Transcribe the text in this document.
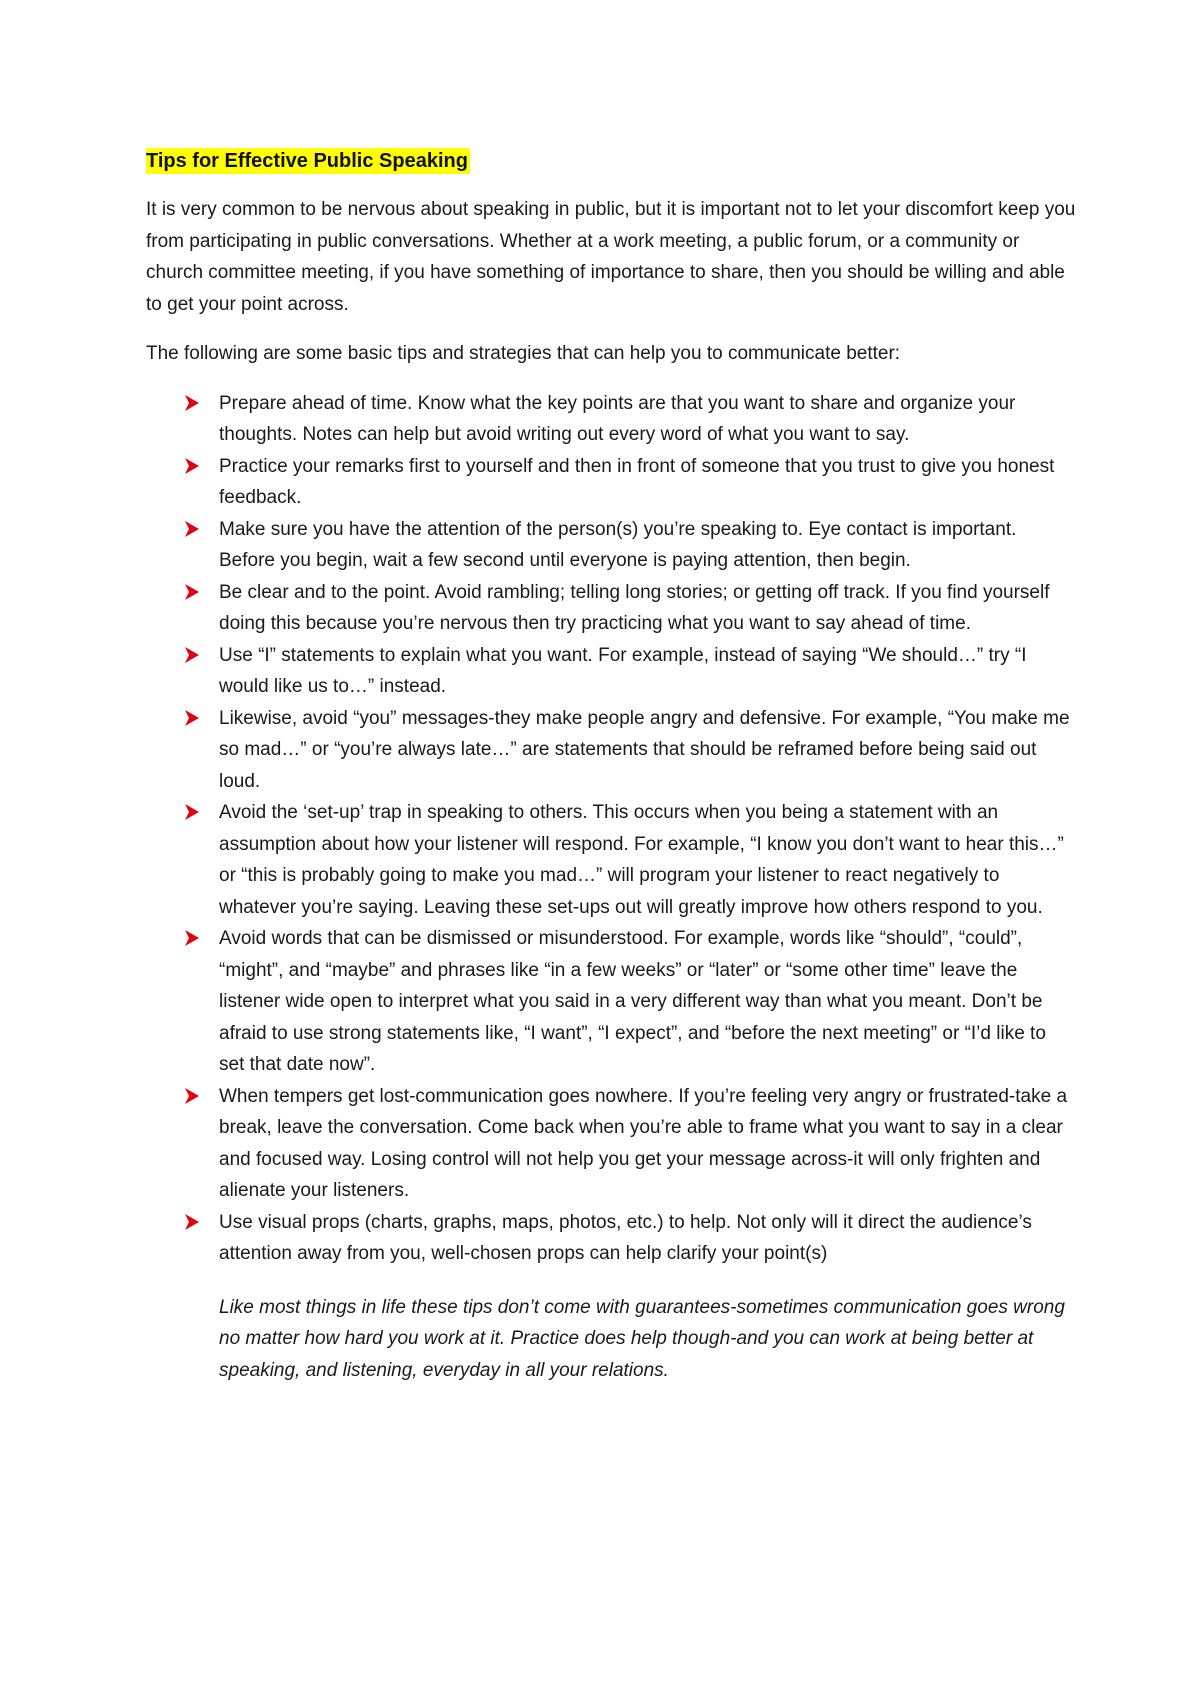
Tips for Effective Public Speaking

It is very common to be nervous about speaking in public, but it is important not to let your discomfort keep you from participating in public conversations. Whether at a work meeting, a public forum, or a community or church committee meeting, if you have something of importance to share, then you should be willing and able to get your point across.

The following are some basic tips and strategies that can help you to communicate better:

Prepare ahead of time. Know what the key points are that you want to share and organize your thoughts. Notes can help but avoid writing out every word of what you want to say.
Practice your remarks first to yourself and then in front of someone that you trust to give you honest feedback.
Make sure you have the attention of the person(s) you’re speaking to. Eye contact is important. Before you begin, wait a few second until everyone is paying attention, then begin.
Be clear and to the point. Avoid rambling; telling long stories; or getting off track. If you find yourself doing this because you’re nervous then try practicing what you want to say ahead of time.
Use “I” statements to explain what you want. For example, instead of saying “We should…” try “I would like us to…” instead.
Likewise, avoid “you” messages-they make people angry and defensive. For example, “You make me so mad…” or “you’re always late…” are statements that should be reframed before being said out loud.
Avoid the ‘set-up’ trap in speaking to others. This occurs when you being a statement with an assumption about how your listener will respond. For example, “I know you don’t want to hear this…” or “this is probably going to make you mad…” will program your listener to react negatively to whatever you’re saying. Leaving these set-ups out will greatly improve how others respond to you.
Avoid words that can be dismissed or misunderstood. For example, words like “should”, “could”, “might”, and “maybe” and phrases like “in a few weeks” or “later” or “some other time” leave the listener wide open to interpret what you said in a very different way than what you meant. Don’t be afraid to use strong statements like, “I want”, “I expect”, and “before the next meeting” or “I’d like to set that date now”.
When tempers get lost-communication goes nowhere. If you’re feeling very angry or frustrated-take a break, leave the conversation. Come back when you’re able to frame what you want to say in a clear and focused way. Losing control will not help you get your message across-it will only frighten and alienate your listeners.
Use visual props (charts, graphs, maps, photos, etc.) to help. Not only will it direct the audience’s attention away from you, well-chosen props can help clarify your point(s)

Like most things in life these tips don’t come with guarantees-sometimes communication goes wrong no matter how hard you work at it. Practice does help though-and you can work at being better at speaking, and listening, everyday in all your relations.
